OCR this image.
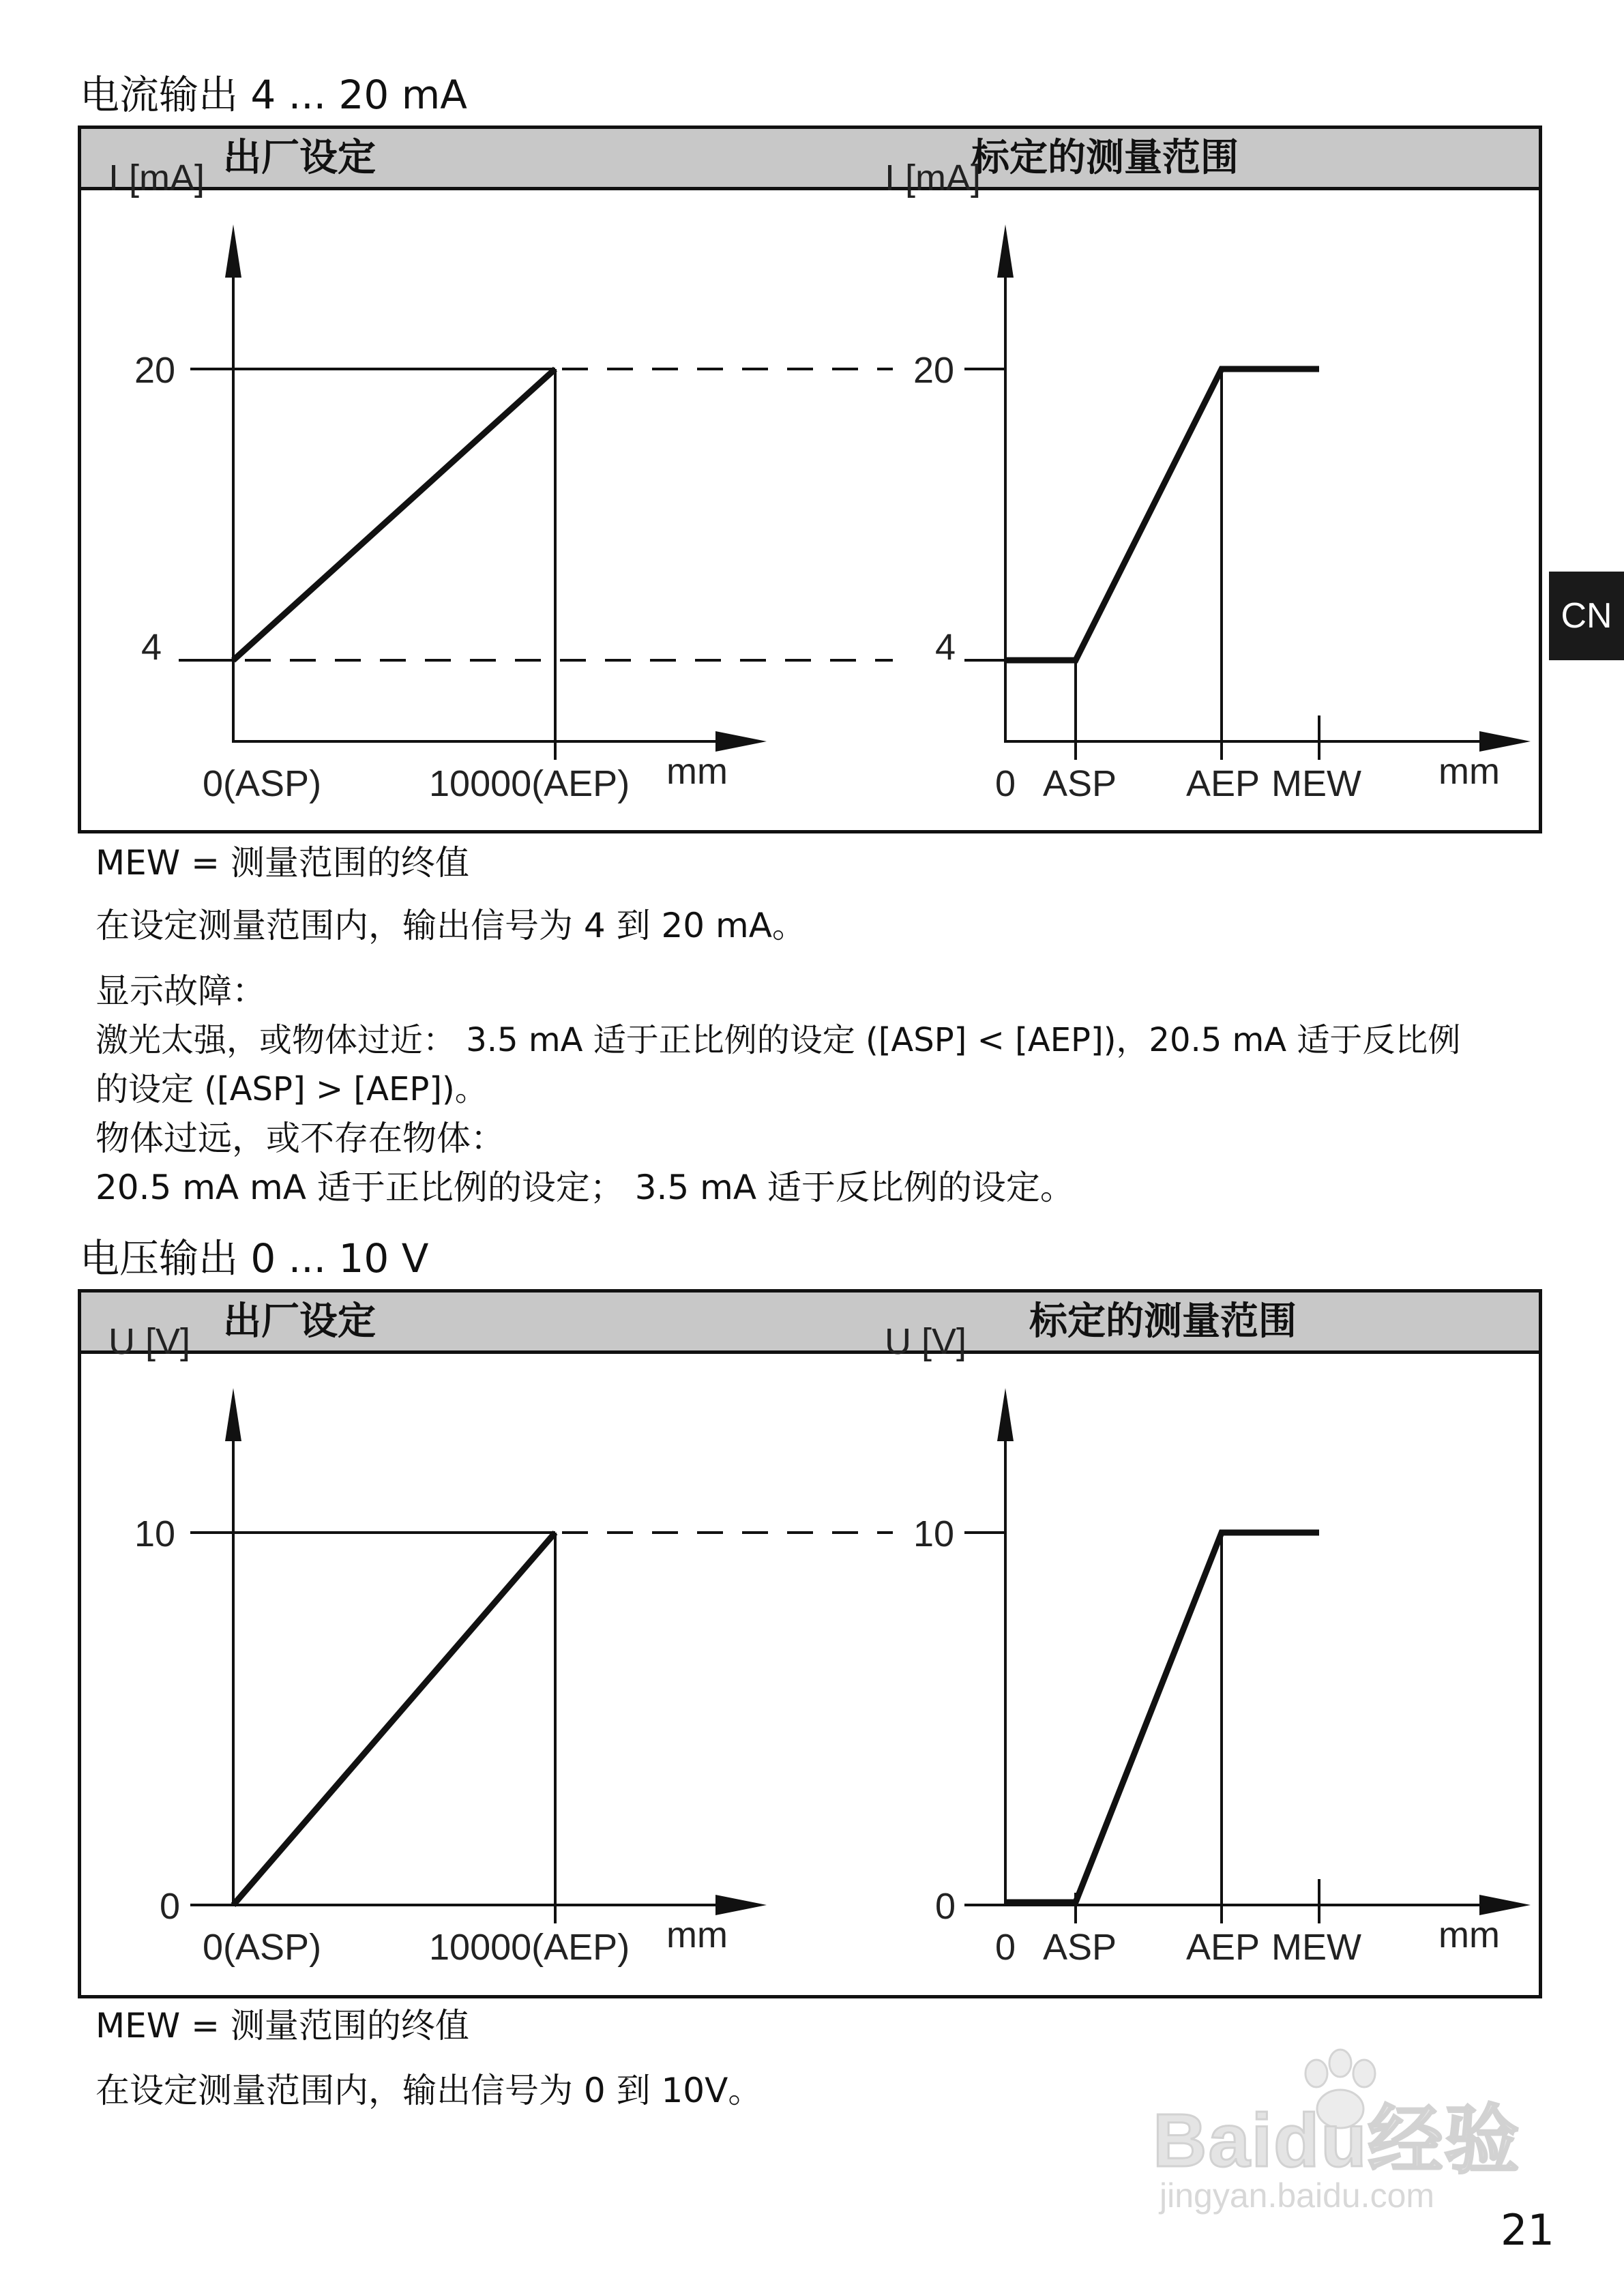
电流输出 4 ... 20 mA
出厂设定	标定的测量范围
I [mA]
20
4
0(ASP)	10000(AEP) mm
I [mA]
20
4
0 ASP AEP MEW mm
MEW = 测量范围的终值
在设定测量范围内，输出信号为 4 到 20 mA。
显示故障：
激光太强，或物体过近： 3.5 mA 适于正比例的设定 ([ASP] < [AEP])，20.5 mA 适于反比例
的设定 ([ASP] > [AEP])。
物体过远，或不存在物体：
20.5 mA mA 适于正比例的设定； 3.5 mA 适于反比例的设定。
电压输出 0 ... 10 V
出厂设定	标定的测量范围
U [V]
10
0
0(ASP)	10000(AEP) mm
U [V]
10
0
0 ASP AEP MEW mm
MEW = 测量范围的终值
在设定测量范围内，输出信号为 0 到 10V。
CN
Baidu经验
jingyan.baidu.com
21
